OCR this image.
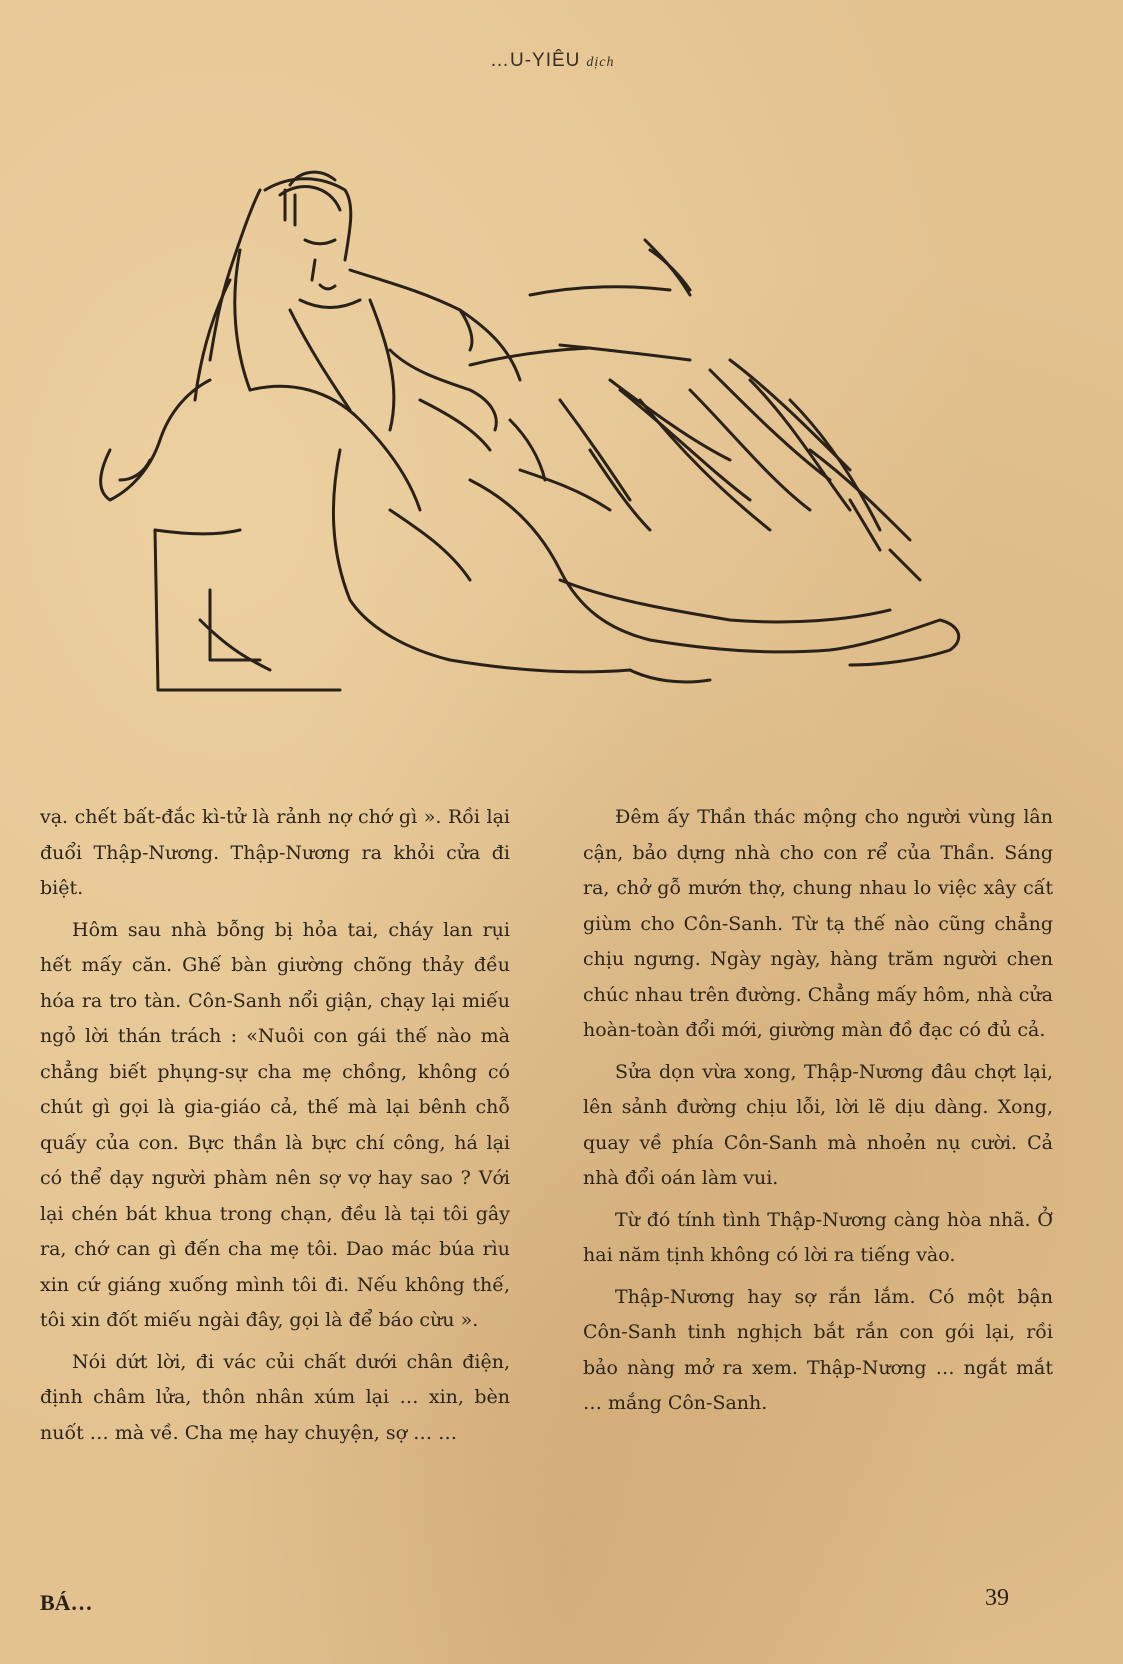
…U-YIÊU dịch

vạ. chết bất-đắc kì-tử là rảnh nợ chớ gì ». Rồi lại đuổi Thập-Nương. Thập-Nương ra khỏi cửa đi biệt.

Hôm sau nhà bỗng bị hỏa tai, cháy lan rụi hết mấy căn. Ghế bàn giường chõng thảy đều hóa ra tro tàn. Côn-Sanh nổi giận, chạy lại miếu ngỏ lời thán trách : «Nuôi con gái thế nào mà chẳng biết phụng-sự cha mẹ chồng, không có chút gì gọi là gia-giáo cả, thế mà lại bênh chỗ quấy của con. Bực thần là bực chí công, há lại có thể dạy người phàm nên sợ vợ hay sao ? Với lại chén bát khua trong chạn, đều là tại tôi gây ra, chớ can gì đến cha mẹ tôi. Dao mác búa rìu xin cứ giáng xuống mình tôi đi. Nếu không thế, tôi xin đốt miếu ngài đây, gọi là để báo cừu ».

Nói dứt lời, đi vác củi chất dưới chân điện, định châm lửa, thôn nhân xúm lại … xin, bèn nuốt … mà về. Cha mẹ hay chuyện, sợ … …

Đêm ấy Thần thác mộng cho người vùng lân cận, bảo dựng nhà cho con rể của Thần. Sáng ra, chở gỗ mướn thợ, chung nhau lo việc xây cất giùm cho Côn-Sanh. Từ tạ thế nào cũng chẳng chịu ngưng. Ngày ngày, hàng trăm người chen chúc nhau trên đường. Chẳng mấy hôm, nhà cửa hoàn-toàn đổi mới, giường màn đồ đạc có đủ cả.

Sửa dọn vừa xong, Thập-Nương đâu chợt lại, lên sảnh đường chịu lỗi, lời lẽ dịu dàng. Xong, quay về phía Côn-Sanh mà nhoẻn nụ cười. Cả nhà đổi oán làm vui.

Từ đó tính tình Thập-Nương càng hòa nhã. Ở hai năm tịnh không có lời ra tiếng vào.

Thập-Nương hay sợ rắn lắm. Có một bận Côn-Sanh tinh nghịch bắt rắn con gói lại, rồi bảo nàng mở ra xem. Thập-Nương … ngắt mắt … mắng Côn-Sanh.

BÁ…	39
